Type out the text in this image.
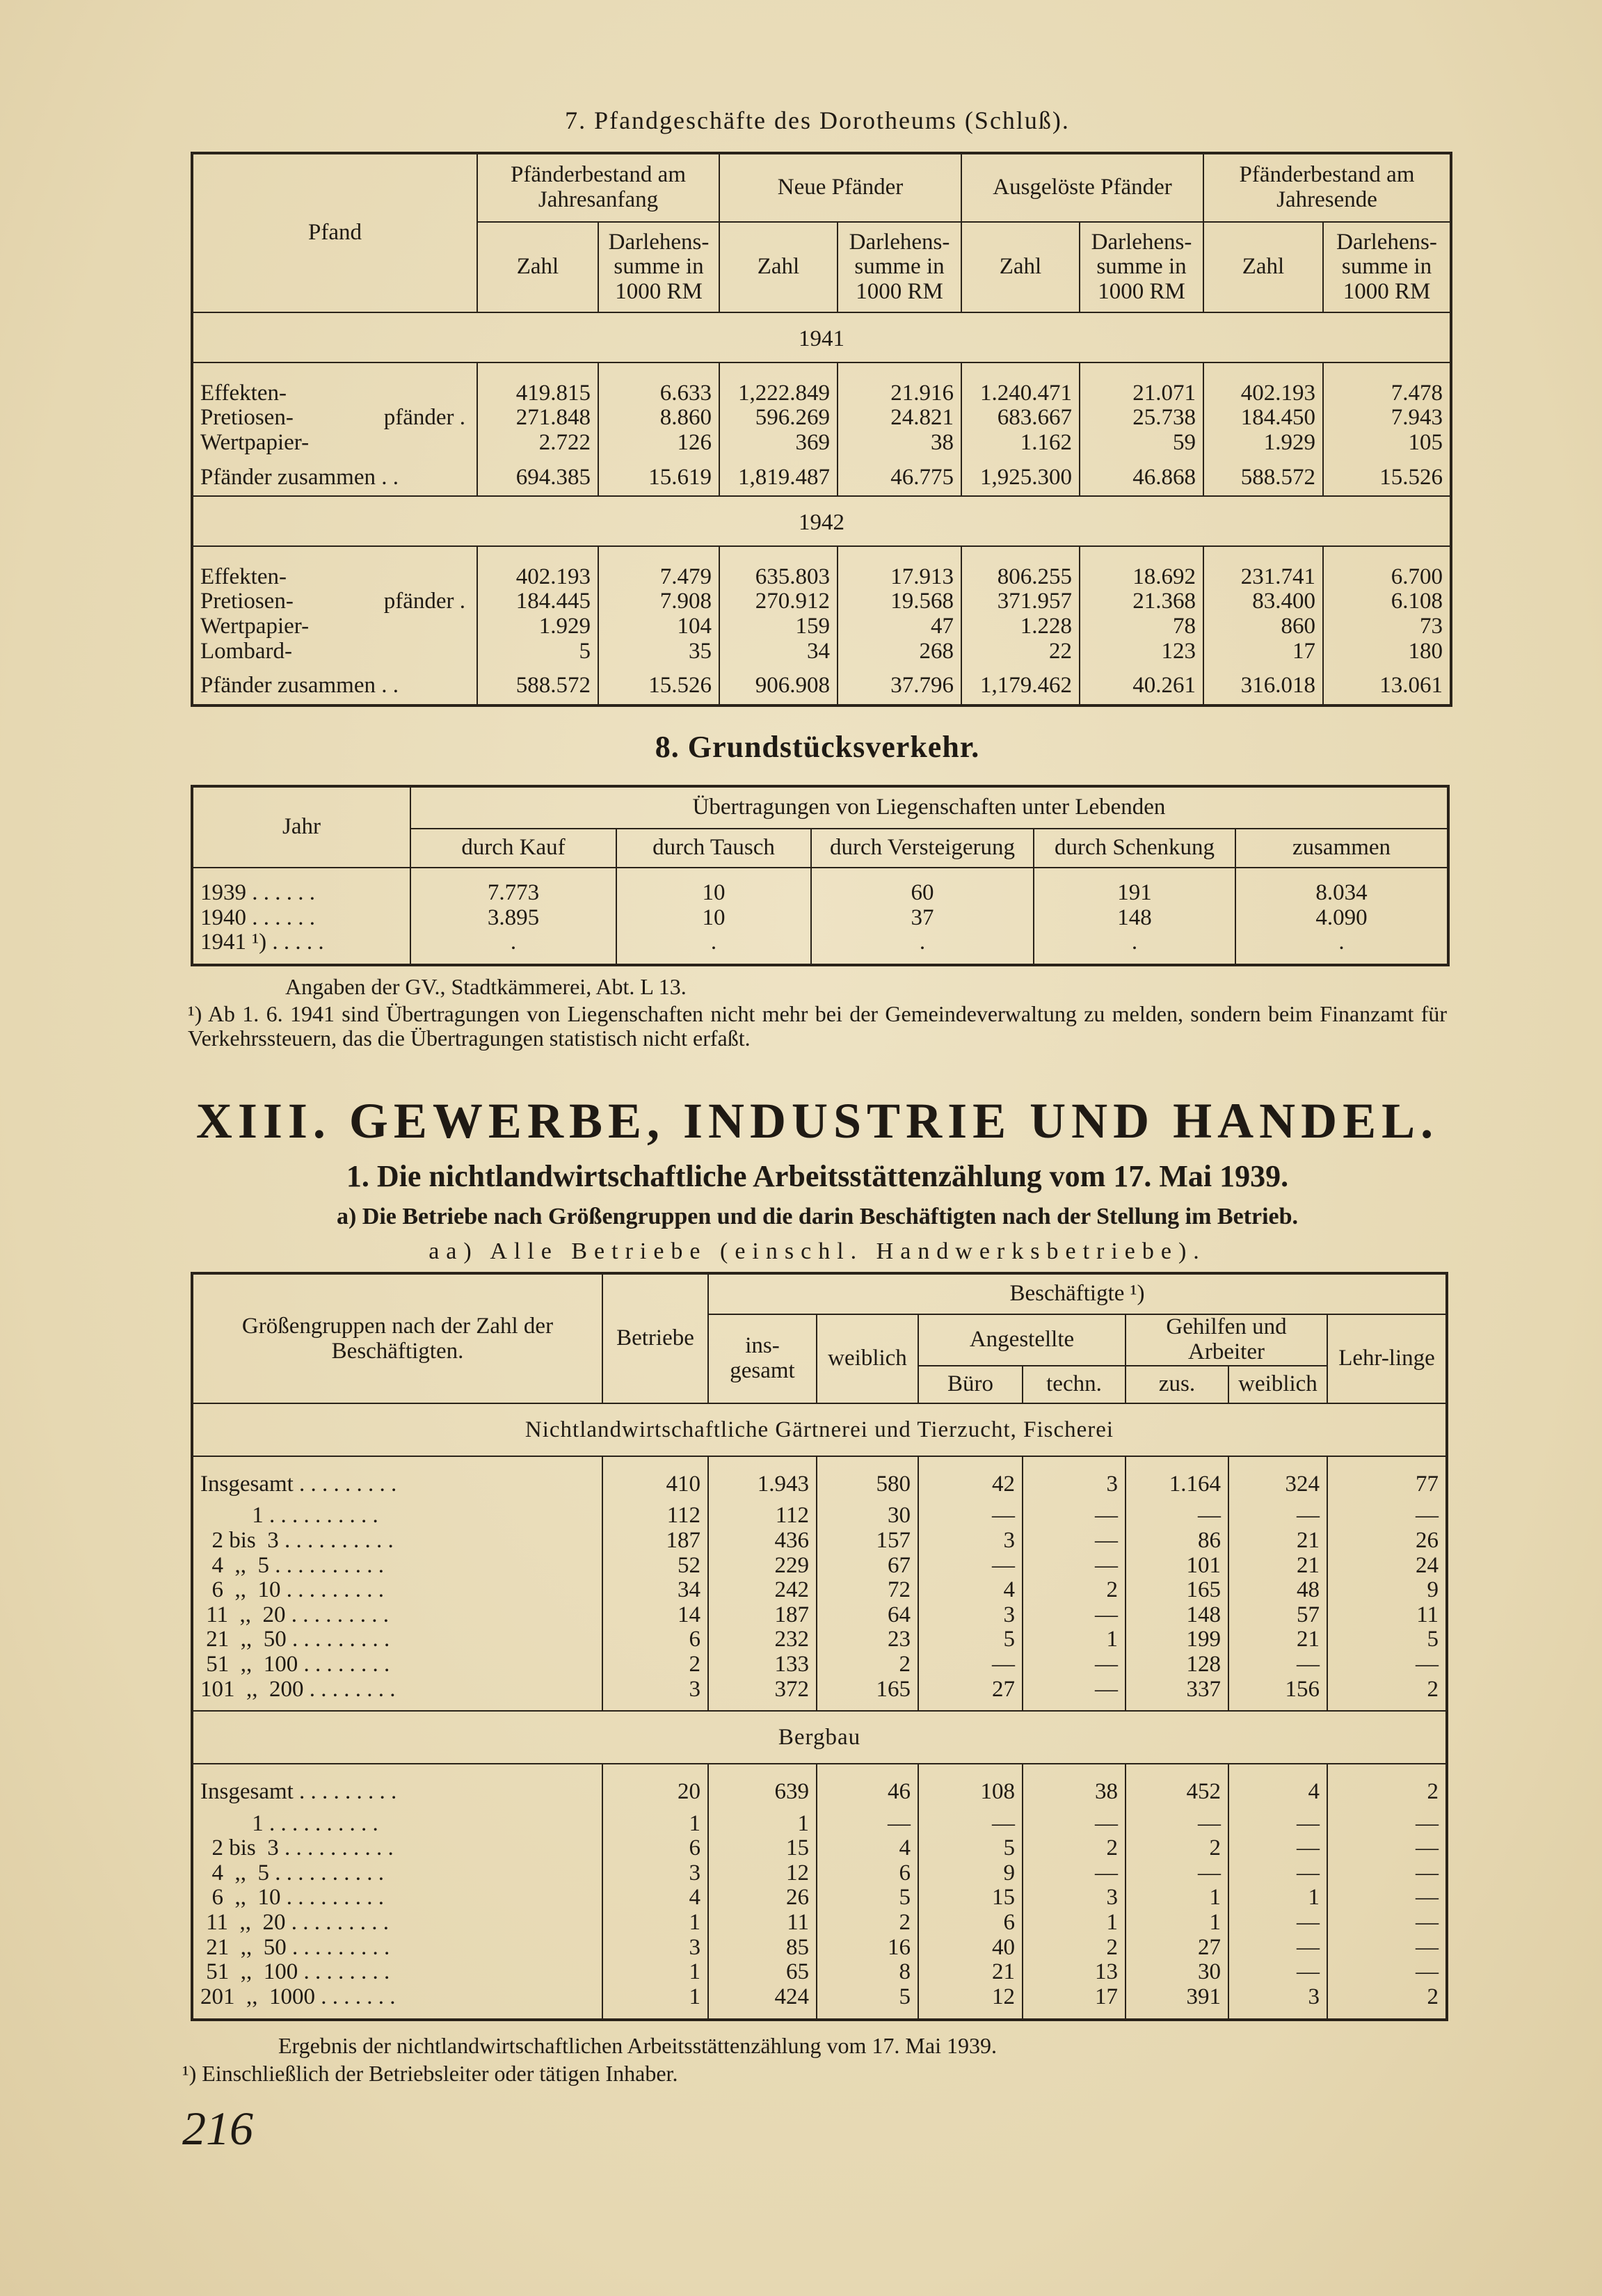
7. Pfandgeschäfte des Dorotheums (Schluß).
Pfand	Pfänderbestand am Jahresanfang		Neue Pfänder		Ausgelöste Pfänder		Pfänderbestand am Jahresende	
	Zahl	Darlehens-summe in 1000 RM	Zahl	Darlehens-summe in 1000 RM	Zahl	Darlehens-summe in 1000 RM	Zahl	Darlehens-summe in 1000 RM
1941								
Effekten-	419.815	6.633	1,222.849	21.916	1.240.471	21.071	402.193	7.478
Pretiosen- pfänder .	271.848	8.860	596.269	24.821	683.667	25.738	184.450	7.943
Wertpapier-	2.722	126	369	38	1.162	59	1.929	105
Pfänder zusammen . .	694.385	15.619	1,819.487	46.775	1,925.300	46.868	588.572	15.526
1942								
Effekten-	402.193	7.479	635.803	17.913	806.255	18.692	231.741	6.700
Pretiosen- pfänder .	184.445	7.908	270.912	19.568	371.957	21.368	83.400	6.108
Wertpapier-	1.929	104	159	47	1.228	78	860	73
Lombard-	5	35	34	268	22	123	17	180
Pfänder zusammen . .	588.572	15.526	906.908	37.796	1,179.462	40.261	316.018	13.061
8. Grundstücksverkehr.
Jahr	Übertragungen von Liegenschaften unter Lebenden				
	durch Kauf	durch Tausch	durch Versteigerung	durch Schenkung	zusammen
1939 . . . . . .	7.773	10	60	191	8.034
1940 . . . . . .	3.895	10	37	148	4.090
1941 ¹) . . . . .	.	.	.	.	.
Angaben der GV., Stadtkämmerei, Abt. L 13.
¹) Ab 1. 6. 1941 sind Übertragungen von Liegenschaften nicht mehr bei der Gemeindeverwaltung zu melden, sondern beim Finanzamt für Verkehrssteuern, das die Übertragungen statistisch nicht erfaßt.
XIII. GEWERBE, INDUSTRIE UND HANDEL.
1. Die nichtlandwirtschaftliche Arbeitsstättenzählung vom 17. Mai 1939.
a) Die Betriebe nach Größengruppen und die darin Beschäftigten nach der Stellung im Betrieb.
aa) Alle Betriebe (einschl. Handwerksbetriebe).
Größengruppen nach der Zahl der Beschäftigten.	Betriebe	Beschäftigte ¹)						
		ins-gesamt	weiblich	Angestellte		Gehilfen und Arbeiter		Lehr-linge
				Büro	techn.	zus.	weiblich	
Nichtlandwirtschaftliche Gärtnerei und Tierzucht, Fischerei								
Insgesamt . . . . . . . . .	410	1.943	580	42	3	1.164	324	77
1 . . . . . . . . . .	112	112	30	—	—	—	—	—
2 bis  3 . . . . . . . . . .	187	436	157	3	—	86	21	26
4  ,,  5 . . . . . . . . . .	52	229	67	—	—	101	21	24
6  ,,  10 . . . . . . . . .	34	242	72	4	2	165	48	9
11  ,,  20 . . . . . . . . .	14	187	64	3	—	148	57	11
21  ,,  50 . . . . . . . . .	6	232	23	5	1	199	21	5
51  ,,  100 . . . . . . . .	2	133	2	—	—	128	—	—
101  ,,  200 . . . . . . . .	3	372	165	27	—	337	156	2
Bergbau								
Insgesamt . . . . . . . . .	20	639	46	108	38	452	4	2
1 . . . . . . . . . .	1	1	—	—	—	—	—	—
2 bis  3 . . . . . . . . . .	6	15	4	5	2	2	—	—
4  ,,  5 . . . . . . . . . .	3	12	6	9	—	—	—	—
6  ,,  10 . . . . . . . . .	4	26	5	15	3	1	1	—
11  ,,  20 . . . . . . . . .	1	11	2	6	1	1	—	—
21  ,,  50 . . . . . . . . .	3	85	16	40	2	27	—	—
51  ,,  100 . . . . . . . .	1	65	8	21	13	30	—	—
201  ,,  1000 . . . . . . .	1	424	5	12	17	391	3	2
Ergebnis der nichtlandwirtschaftlichen Arbeitsstättenzählung vom 17. Mai 1939.
¹) Einschließlich der Betriebsleiter oder tätigen Inhaber.
216
